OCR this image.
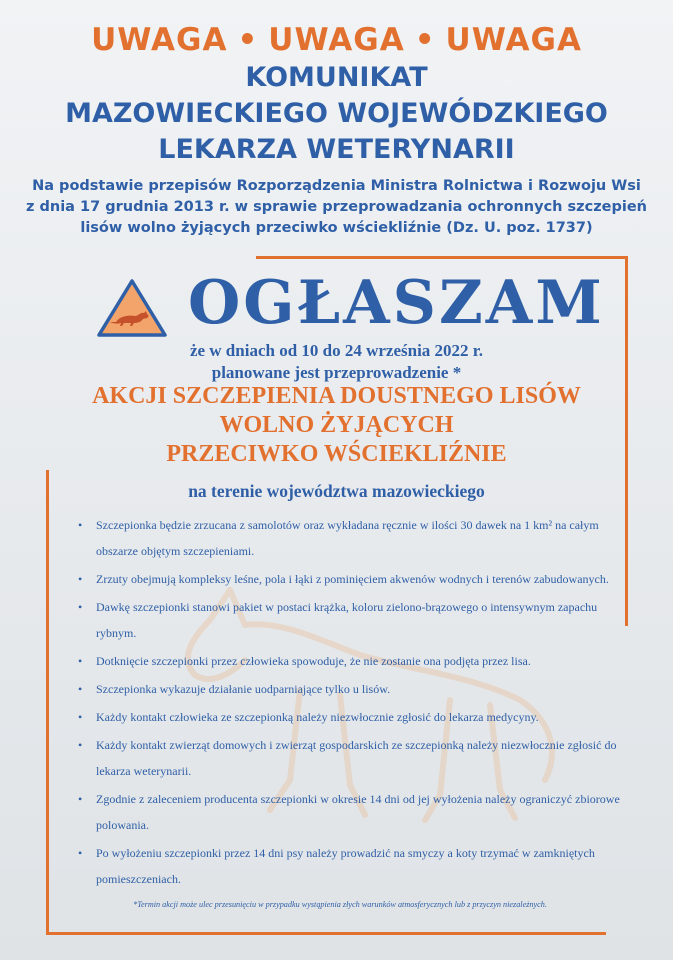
UWAGA • UWAGA • UWAGA
KOMUNIKAT
MAZOWIECKIEGO WOJEWÓDZKIEGO
LEKARZA WETERYNARII
Na podstawie przepisów Rozporządzenia Ministra Rolnictwa i Rozwoju Wsi
z dnia 17 grudnia 2013 r. w sprawie przeprowadzania ochronnych szczepień
lisów wolno żyjących przeciwko wściekliźnie (Dz. U. poz. 1737)
OGŁASZAM
że w dniach od 10 do 24 września 2022 r.
planowane jest przeprowadzenie *
AKCJI SZCZEPIENIA DOUSTNEGO LISÓW
WOLNO ŻYJĄCYCH
PRZECIWKO WŚCIEKLIŹNIE
na terenie województwa mazowieckiego
• Szczepionka będzie zrzucana z samolotów oraz wykładana ręcznie w ilości 30 dawek na 1 km² na całym obszarze objętym szczepieniami.
• Zrzuty obejmują kompleksy leśne, pola i łąki z pominięciem akwenów wodnych i terenów zabudowanych.
• Dawkę szczepionki stanowi pakiet w postaci krążka, koloru zielono-brązowego o intensywnym zapachu rybnym.
• Dotknięcie szczepionki przez człowieka spowoduje, że nie zostanie ona podjęta przez lisa.
• Szczepionka wykazuje działanie uodparniające tylko u lisów.
• Każdy kontakt człowieka ze szczepionką należy niezwłocznie zgłosić do lekarza medycyny.
• Każdy kontakt zwierząt domowych i zwierząt gospodarskich ze szczepionką należy niezwłocznie zgłosić do lekarza weterynarii.
• Zgodnie z zaleceniem producenta szczepionki w okresie 14 dni od jej wyłożenia należy ograniczyć zbiorowe polowania.
• Po wyłożeniu szczepionki przez 14 dni psy należy prowadzić na smyczy a koty trzymać w zamkniętych pomieszczeniach.
*Termin akcji może ulec przesunięciu w przypadku wystąpienia złych warunków atmosferycznych lub z przyczyn niezależnych.
